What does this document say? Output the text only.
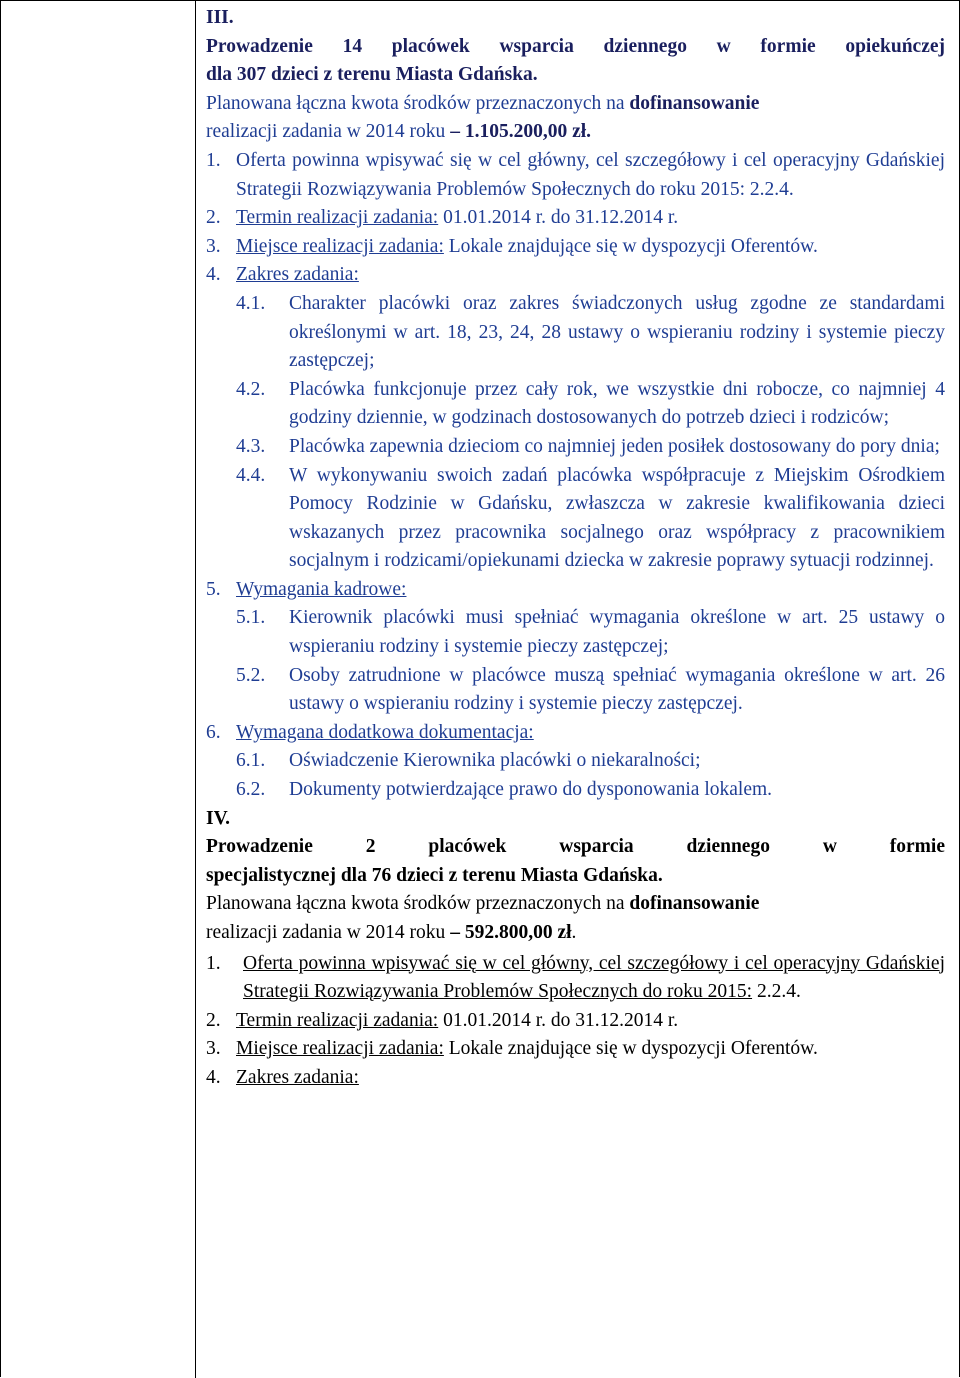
III.

Prowadzenie 14 placówek wsparcia dziennego w formie opiekuńczej

dla 307 dzieci z terenu Miasta Gdańska.

Planowana łączna kwota środków przeznaczonych na dofinansowanie
realizacji zadania w 2014 roku – 1.105.200,00 zł.

1. Oferta powinna wpisywać się w cel główny, cel szczegółowy i cel operacyjny Gdańskiej Strategii Rozwiązywania Problemów Społecznych do roku 2015: 2.2.4.
2. Termin realizacji zadania: 01.01.2014 r. do 31.12.2014 r.
3. Miejsce realizacji zadania: Lokale znajdujące się w dyspozycji Oferentów.
4. Zakres zadania:
4.1. Charakter placówki oraz zakres świadczonych usług zgodne ze standardami określonymi w art. 18, 23, 24, 28 ustawy o wspieraniu rodziny i systemie pieczy zastępczej;
4.2. Placówka funkcjonuje przez cały rok, we wszystkie dni robocze, co najmniej 4 godziny dziennie, w godzinach dostosowanych do potrzeb dzieci i rodziców;
4.3. Placówka zapewnia dzieciom co najmniej jeden posiłek dostosowany do pory dnia;
4.4. W wykonywaniu swoich zadań placówka współpracuje z Miejskim Ośrodkiem Pomocy Rodzinie w Gdańsku, zwłaszcza w zakresie kwalifikowania dzieci wskazanych przez pracownika socjalnego oraz współpracy z pracownikiem socjalnym i rodzicami/opiekunami dziecka w zakresie poprawy sytuacji rodzinnej.
5. Wymagania kadrowe:
5.1. Kierownik placówki musi spełniać wymagania określone w art. 25 ustawy o wspieraniu rodziny i systemie pieczy zastępczej;
5.2. Osoby zatrudnione w placówce muszą spełniać wymagania określone w art. 26 ustawy o wspieraniu rodziny i systemie pieczy zastępczej.
6. Wymagana dodatkowa dokumentacja:
6.1. Oświadczenie Kierownika placówki o niekaralności;
6.2. Dokumenty potwierdzające prawo do dysponowania lokalem.

IV.

Prowadzenie 2 placówek wsparcia dziennego w formie

specjalistycznej dla 76 dzieci z terenu Miasta Gdańska.

Planowana łączna kwota środków przeznaczonych na dofinansowanie
realizacji zadania w 2014 roku – 592.800,00 zł.

1. Oferta powinna wpisywać się w cel główny, cel szczegółowy i cel operacyjny Gdańskiej Strategii Rozwiązywania Problemów Społecznych do roku 2015: 2.2.4.
2. Termin realizacji zadania: 01.01.2014 r. do 31.12.2014 r.
3. Miejsce realizacji zadania: Lokale znajdujące się w dyspozycji Oferentów.
4. Zakres zadania:
